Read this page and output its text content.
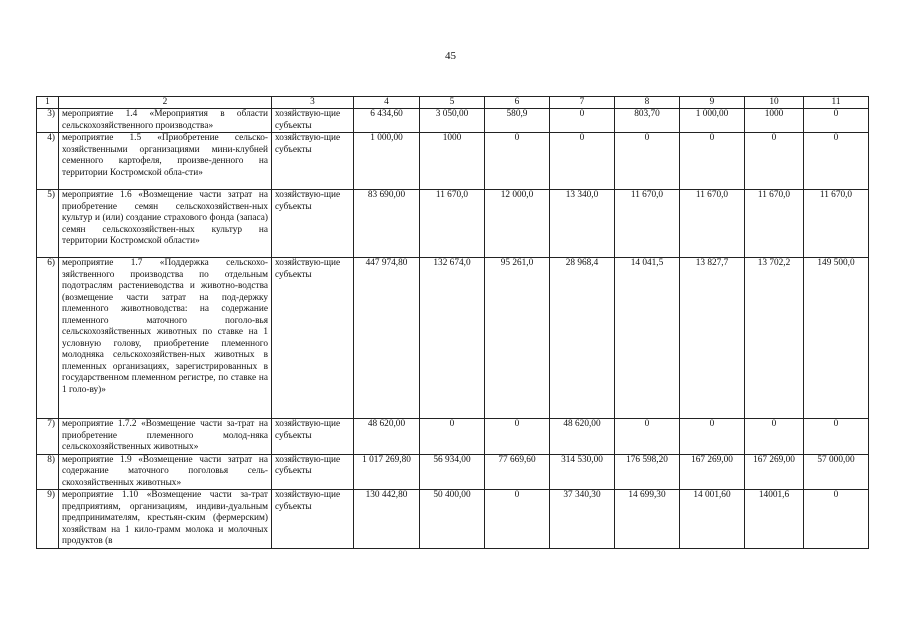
45
1	2	3	4	5	6	7	8	9	10	11
3)	мероприятие 1.4 «Мероприятия в области сельскохозяйственного производства»	хозяйствую-щие субъекты	6 434,60	3 050,00	580,9	0	803,70	1 000,00	1000	0
4)	мероприятие 1.5 «Приобретение сельско-хозяйственными организациями мини-клубней семенного картофеля, произве-денного на территории Костромской обла-сти»	хозяйствую-щие субъекты	1 000,00	1000	0	0	0	0	0	0
5)	мероприятие 1.6 «Возмещение части затрат на приобретение семян сельскохозяйствен-ных культур и (или) создание страхового фонда (запаса) семян сельскохозяйствен-ных культур на территории Костромской области»	хозяйствую-щие субъекты	83 690,00	11 670,0	12 000,0	13 340,0	11 670,0	11 670,0	11 670,0	11 670,0
6)	мероприятие 1.7 «Поддержка сельскохо-зяйственного производства по отдельным подотраслям растениеводства и животно-водства (возмещение части затрат на под-держку племенного животноводства: на содержание племенного маточного поголо-вья сельскохозяйственных животных по ставке на 1 условную голову, приобретение племенного молодняка сельскохозяйствен-ных животных в племенных организациях, зарегистрированных в государственном племенном регистре, по ставке на 1 голо-ву)»	хозяйствую-щие субъекты	447 974,80	132 674,0	95 261,0	28 968,4	14 041,5	13 827,7	13 702,2	149 500,0
7)	мероприятие 1.7.2 «Возмещение части за-трат на приобретение племенного молод-няка сельскохозяйственных животных»	хозяйствую-щие субъекты	48 620,00	0	0	48 620,00	0	0	0	0
8)	мероприятие 1.9 «Возмещение части затрат на содержание маточного поголовья сель-скохозяйственных животных»	хозяйствую-щие субъекты	1 017 269,80	56 934,00	77 669,60	314 530,00	176 598,20	167 269,00	167 269,00	57 000,00
9)	мероприятие 1.10 «Возмещение части за-трат предприятиям, организациям, индиви-дуальным предпринимателям, крестьян-ским (фермерским) хозяйствам на 1 кило-грамм молока и молочных продуктов (в	хозяйствую-щие субъекты	130 442,80	50 400,00	0	37 340,30	14 699,30	14 001,60	14001,6	0
